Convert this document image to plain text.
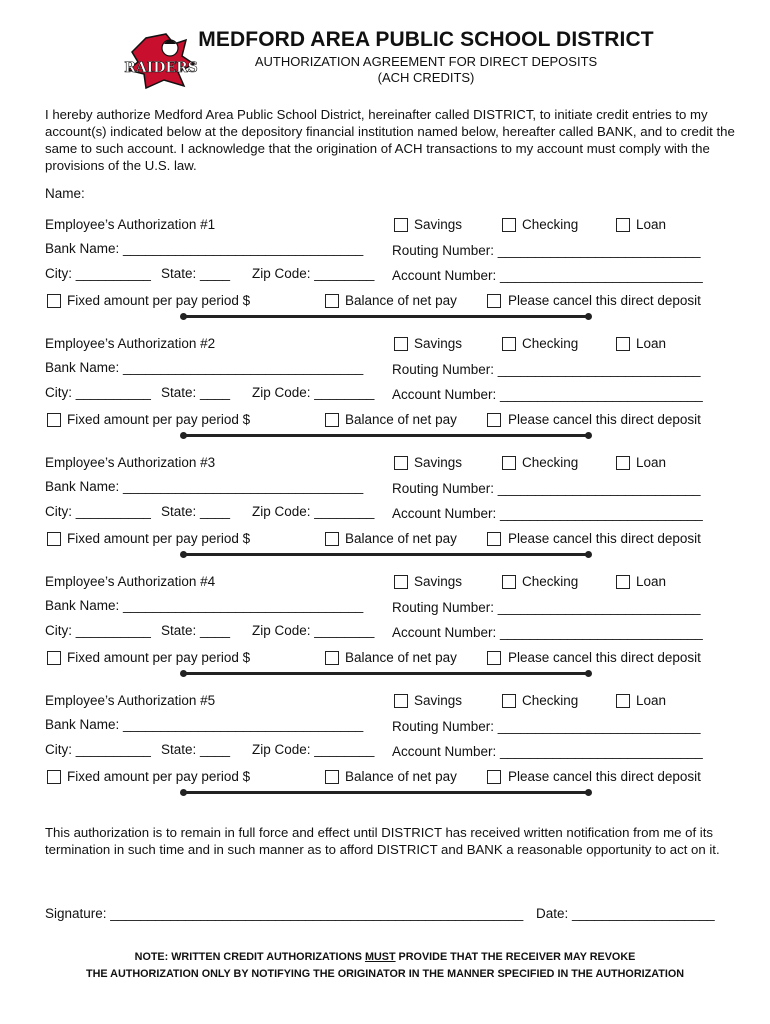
RAIDERS
MEDFORD AREA PUBLIC SCHOOL DISTRICT
AUTHORIZATION AGREEMENT FOR DIRECT DEPOSITS
(ACH CREDITS)
I hereby authorize Medford Area Public School District, hereinafter called DISTRICT, to initiate credit entries to my account(s) indicated below at the depository financial institution named below, hereafter called BANK, and to credit the same to such account. I acknowledge that the origination of ACH transactions to my account must comply with the provisions of the U.S. law.
Name:
Employee’s Authorization #1	Savings	Checking	Loan
Bank Name: ________________________________ Routing Number: ___________________________
City: __________ State: ____ Zip Code: ________ Account Number: ___________________________
Fixed amount per pay period $	Balance of net pay	Please cancel this direct deposit
Employee’s Authorization #2	Savings	Checking	Loan
Bank Name: ________________________________ Routing Number: ___________________________
City: __________ State: ____ Zip Code: ________ Account Number: ___________________________
Fixed amount per pay period $	Balance of net pay	Please cancel this direct deposit
Employee’s Authorization #3	Savings	Checking	Loan
Bank Name: ________________________________ Routing Number: ___________________________
City: __________ State: ____ Zip Code: ________ Account Number: ___________________________
Fixed amount per pay period $	Balance of net pay	Please cancel this direct deposit
Employee’s Authorization #4	Savings	Checking	Loan
Bank Name: ________________________________ Routing Number: ___________________________
City: __________ State: ____ Zip Code: ________ Account Number: ___________________________
Fixed amount per pay period $	Balance of net pay	Please cancel this direct deposit
Employee’s Authorization #5	Savings	Checking	Loan
Bank Name: ________________________________ Routing Number: ___________________________
City: __________ State: ____ Zip Code: ________ Account Number: ___________________________
Fixed amount per pay period $	Balance of net pay	Please cancel this direct deposit
This authorization is to remain in full force and effect until DISTRICT has received written notification from me of its termination in such time and in such manner as to afford DISTRICT and BANK a reasonable opportunity to act on it.
Signature: _______________________________________________________ Date: ___________________
NOTE: WRITTEN CREDIT AUTHORIZATIONS MUST PROVIDE THAT THE RECEIVER MAY REVOKE
THE AUTHORIZATION ONLY BY NOTIFYING THE ORIGINATOR IN THE MANNER SPECIFIED IN THE AUTHORIZATION
